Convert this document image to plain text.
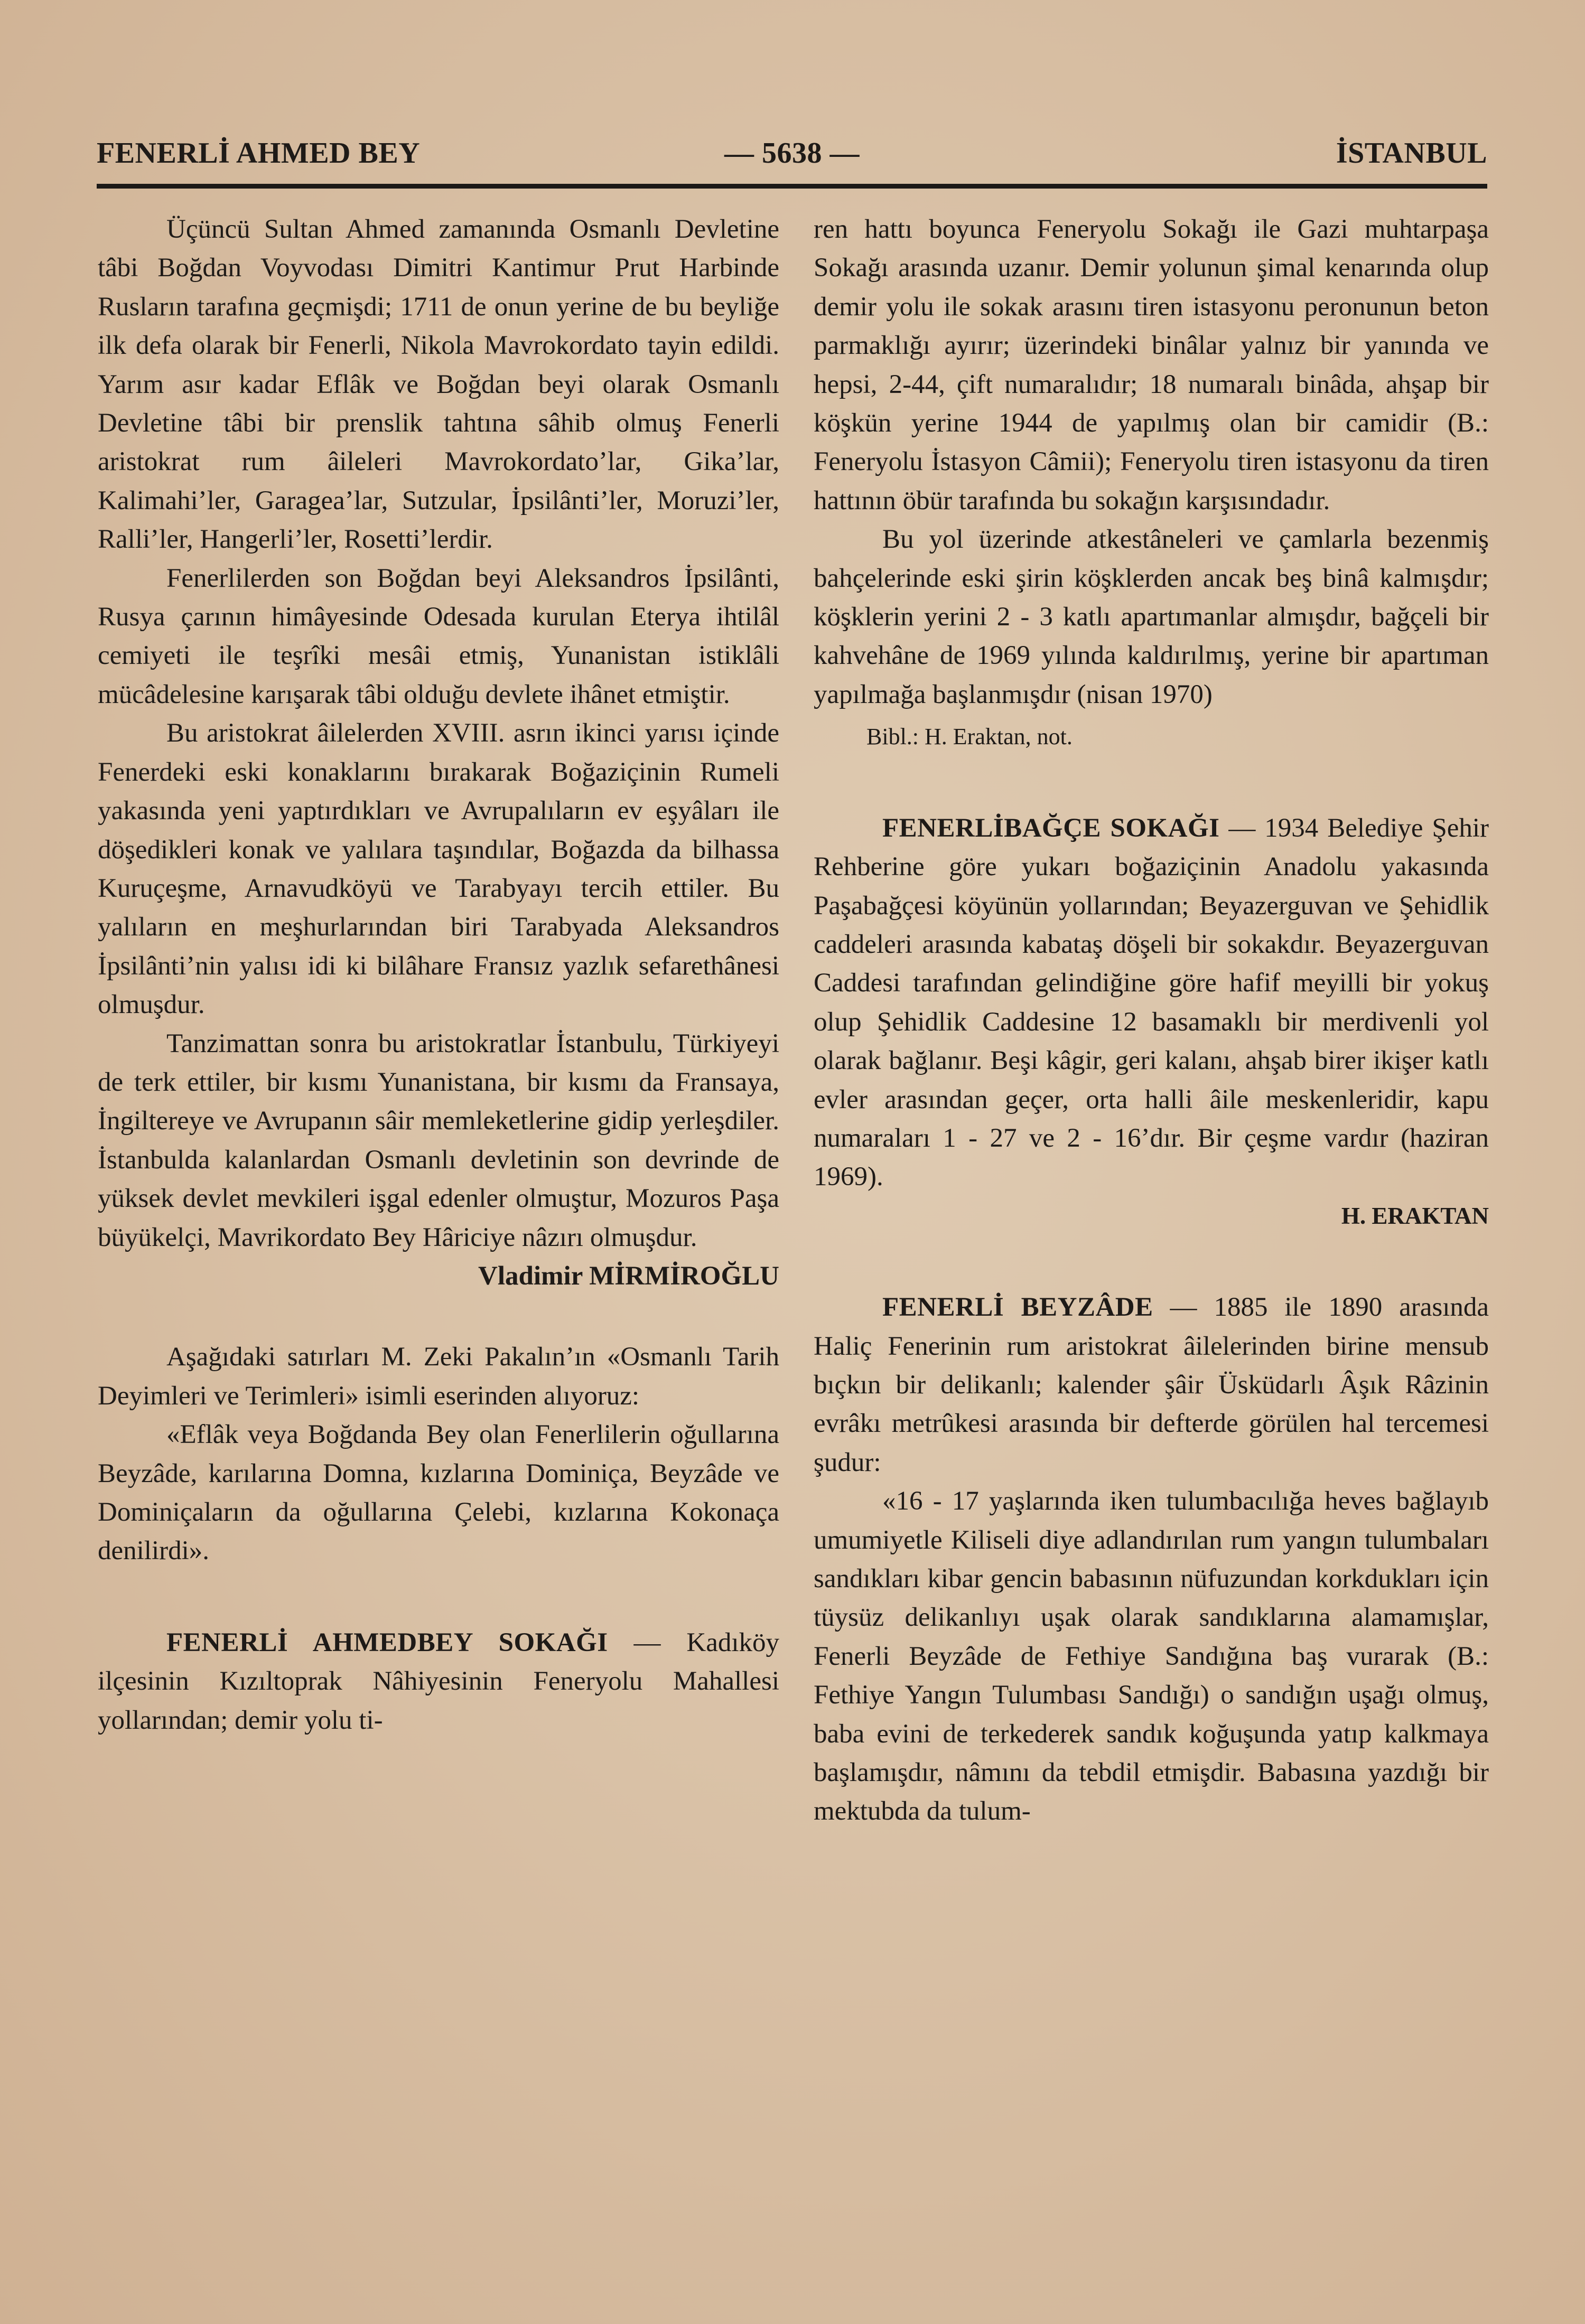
FENERLİ AHMED BEY	— 5638 —	İSTANBUL

Üçüncü Sultan Ahmed zamanında Osmanlı Devletine tâbi Boğdan Voyvodası Dimitri Kantimur Prut Harbinde Rusların tarafına geçmişdi; 1711 de onun yerine de bu beyliğe ilk defa olarak bir Fenerli, Nikola Mavrokordato tayin edildi. Yarım asır kadar Eflâk ve Boğdan beyi olarak Osmanlı Devletine tâbi bir prenslik tahtına sâhib olmuş Fenerli aristokrat rum âileleri Mavrokordato’lar, Gika’lar, Kalimahi’ler, Garagea’lar, Sutzular, İpsilânti’ler, Moruzi’ler, Ralli’ler, Hangerli’ler, Rosetti’lerdir.

Fenerlilerden son Boğdan beyi Aleksandros İpsilânti, Rusya çarının himâyesinde Odesada kurulan Eterya ihtilâl cemiyeti ile teşrîki mesâi etmiş, Yunanistan istiklâli mücâdelesine karışarak tâbi olduğu devlete ihânet etmiştir.

Bu aristokrat âilelerden XVIII. asrın ikinci yarısı içinde Fenerdeki eski konaklarını bırakarak Boğaziçinin Rumeli yakasında yeni yaptırdıkları ve Avrupalıların ev eşyâları ile döşedikleri konak ve yalılara taşındılar, Boğazda da bilhassa Kuruçeşme, Arnavudköyü ve Tarabyayı tercih ettiler. Bu yalıların en meşhurlarından biri Tarabyada Aleksandros İpsilânti’nin yalısı idi ki bilâhare Fransız yazlık sefarethânesi olmuşdur.

Tanzimattan sonra bu aristokratlar İstanbulu, Türkiyeyi de terk ettiler, bir kısmı Yunanistana, bir kısmı da Fransaya, İngiltereye ve Avrupanın sâir memleketlerine gidip yerleşdiler. İstanbulda kalanlardan Osmanlı devletinin son devrinde de yüksek devlet mevkileri işgal edenler olmuştur, Mozuros Paşa büyükelçi, Mavrikordato Bey Hâriciye nâzırı olmuşdur.

Vladimir MİRMİROĞLU

Aşağıdaki satırları M. Zeki Pakalın’ın «Osmanlı Tarih Deyimleri ve Terimleri» isimli eserinden alıyoruz:

«Eflâk veya Boğdanda Bey olan Fenerlilerin oğullarına Beyzâde, karılarına Domna, kızlarına Dominiça, Beyzâde ve Dominiçaların da oğullarına Çelebi, kızlarına Kokonaça denilirdi».

FENERLİ AHMEDBEY SOKAĞI — Kadıköy ilçesinin Kızıltoprak Nâhiyesinin Feneryolu Mahallesi yollarından; demir yolu ti-

ren hattı boyunca Feneryolu Sokağı ile Gazi muhtarpaşa Sokağı arasında uzanır. Demir yolunun şimal kenarında olup demir yolu ile sokak arasını tiren istasyonu peronunun beton parmaklığı ayırır; üzerindeki binâlar yalnız bir yanında ve hepsi, 2-44, çift numaralıdır; 18 numaralı binâda, ahşap bir köşkün yerine 1944 de yapılmış olan bir camidir (B.: Feneryolu İstasyon Câmii); Feneryolu tiren istasyonu da tiren hattının öbür tarafında bu sokağın karşısındadır.

Bu yol üzerinde atkestâneleri ve çamlarla bezenmiş bahçelerinde eski şirin köşklerden ancak beş binâ kalmışdır; köşklerin yerini 2 - 3 katlı apartımanlar almışdır, bağçeli bir kahvehâne de 1969 yılında kaldırılmış, yerine bir apartıman yapılmağa başlanmışdır (nisan 1970)

Bibl.: H. Eraktan, not.

FENERLİBAĞÇE SOKAĞI — 1934 Belediye Şehir Rehberine göre yukarı boğaziçinin Anadolu yakasında Paşabağçesi köyünün yollarından; Beyazerguvan ve Şehidlik caddeleri arasında kabataş döşeli bir sokakdır. Beyazerguvan Caddesi tarafından gelindiğine göre hafif meyilli bir yokuş olup Şehidlik Caddesine 12 basamaklı bir merdivenli yol olarak bağlanır. Beşi kâgir, geri kalanı, ahşab birer ikişer katlı evler arasından geçer, orta halli âile meskenleridir, kapu numaraları 1 - 27 ve 2 - 16’dır. Bir çeşme vardır (haziran 1969).

H. ERAKTAN

FENERLİ BEYZÂDE — 1885 ile 1890 arasında Haliç Fenerinin rum aristokrat âilelerinden birine mensub bıçkın bir delikanlı; kalender şâir Üsküdarlı Âşık Râzinin evrâkı metrûkesi arasında bir defterde görülen hal tercemesi şudur:

«16 - 17 yaşlarında iken tulumbacılığa heves bağlayıb umumiyetle Kiliseli diye adlandırılan rum yangın tulumbaları sandıkları kibar gencin babasının nüfuzundan korkdukları için tüysüz delikanlıyı uşak olarak sandıklarına alamamışlar, Fenerli Beyzâde de Fethiye Sandığına baş vurarak (B.: Fethiye Yangın Tulumbası Sandığı) o sandığın uşağı olmuş, baba evini de terkederek sandık koğuşunda yatıp kalkmaya başlamışdır, nâmını da tebdil etmişdir. Babasına yazdığı bir mektubda da tulum-
